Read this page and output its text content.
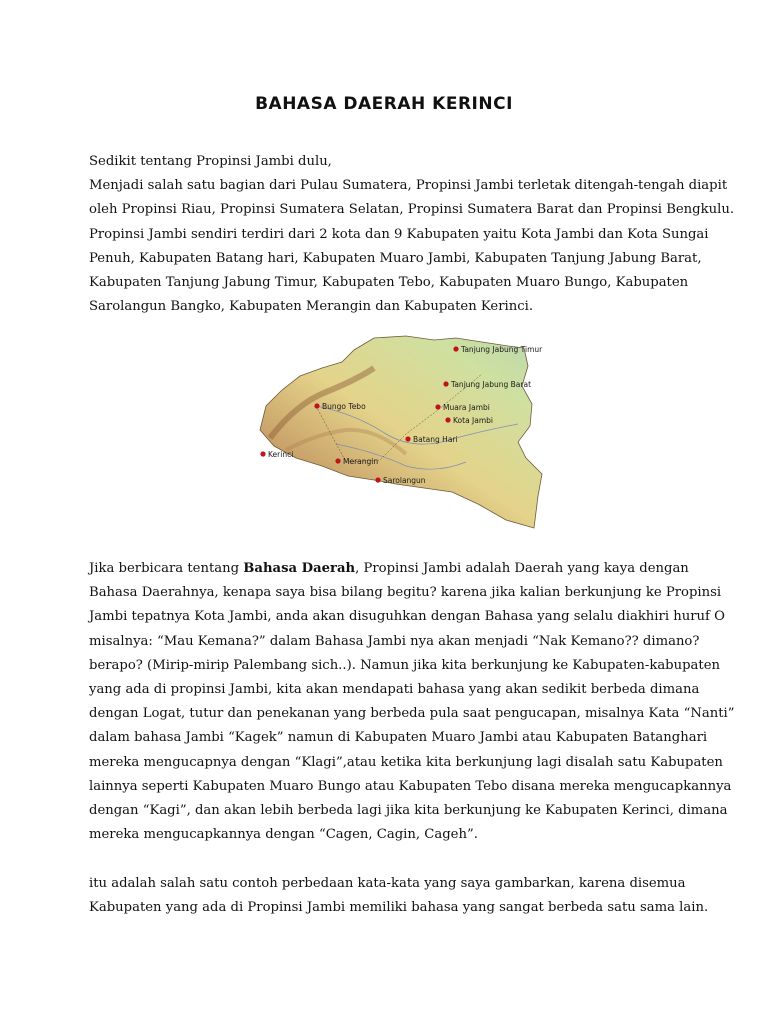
BAHASA DAERAH KERINCI

Sedikit tentang Propinsi Jambi dulu,
Menjadi salah satu bagian dari Pulau Sumatera, Propinsi Jambi terletak ditengah-tengah diapit
oleh Propinsi Riau, Propinsi Sumatera Selatan, Propinsi Sumatera Barat dan Propinsi Bengkulu.
Propinsi Jambi sendiri terdiri dari 2 kota dan 9 Kabupaten yaitu Kota Jambi dan Kota Sungai
Penuh, Kabupaten Batang hari, Kabupaten Muaro Jambi, Kabupaten Tanjung Jabung Barat,
Kabupaten Tanjung Jabung Timur, Kabupaten Tebo, Kabupaten Muaro Bungo, Kabupaten
Sarolangun Bangko, Kabupaten Merangin dan Kabupaten Kerinci.

Tanjung Jabung Timur
Tanjung Jabung Barat
Bungo Tebo	Muara Jambi
Kota Jambi
Batang Hari
Kerinci
Merangin
Sarolangun

Jika berbicara tentang Bahasa Daerah, Propinsi Jambi adalah Daerah yang kaya dengan
Bahasa Daerahnya, kenapa saya bisa bilang begitu? karena jika kalian berkunjung ke Propinsi
Jambi tepatnya Kota Jambi, anda akan disuguhkan dengan Bahasa yang selalu diakhiri huruf O
misalnya: “Mau Kemana?” dalam Bahasa Jambi nya akan menjadi “Nak Kemano?? dimano?
berapo? (Mirip-mirip Palembang sich..). Namun jika kita berkunjung ke Kabupaten-kabupaten
yang ada di propinsi Jambi, kita akan mendapati bahasa yang akan sedikit berbeda dimana
dengan Logat, tutur dan penekanan yang berbeda pula saat pengucapan, misalnya Kata “Nanti”
dalam bahasa Jambi “Kagek” namun di Kabupaten Muaro Jambi atau Kabupaten Batanghari
mereka mengucapnya dengan “Klagi”,atau ketika kita berkunjung lagi disalah satu Kabupaten
lainnya seperti Kabupaten Muaro Bungo atau Kabupaten Tebo disana mereka mengucapkannya
dengan “Kagi”, dan akan lebih berbeda lagi jika kita berkunjung ke Kabupaten Kerinci, dimana
mereka mengucapkannya dengan “Cagen, Cagin, Cageh”.

itu adalah salah satu contoh perbedaan kata-kata yang saya gambarkan, karena disemua
Kabupaten yang ada di Propinsi Jambi memiliki bahasa yang sangat berbeda satu sama lain.
